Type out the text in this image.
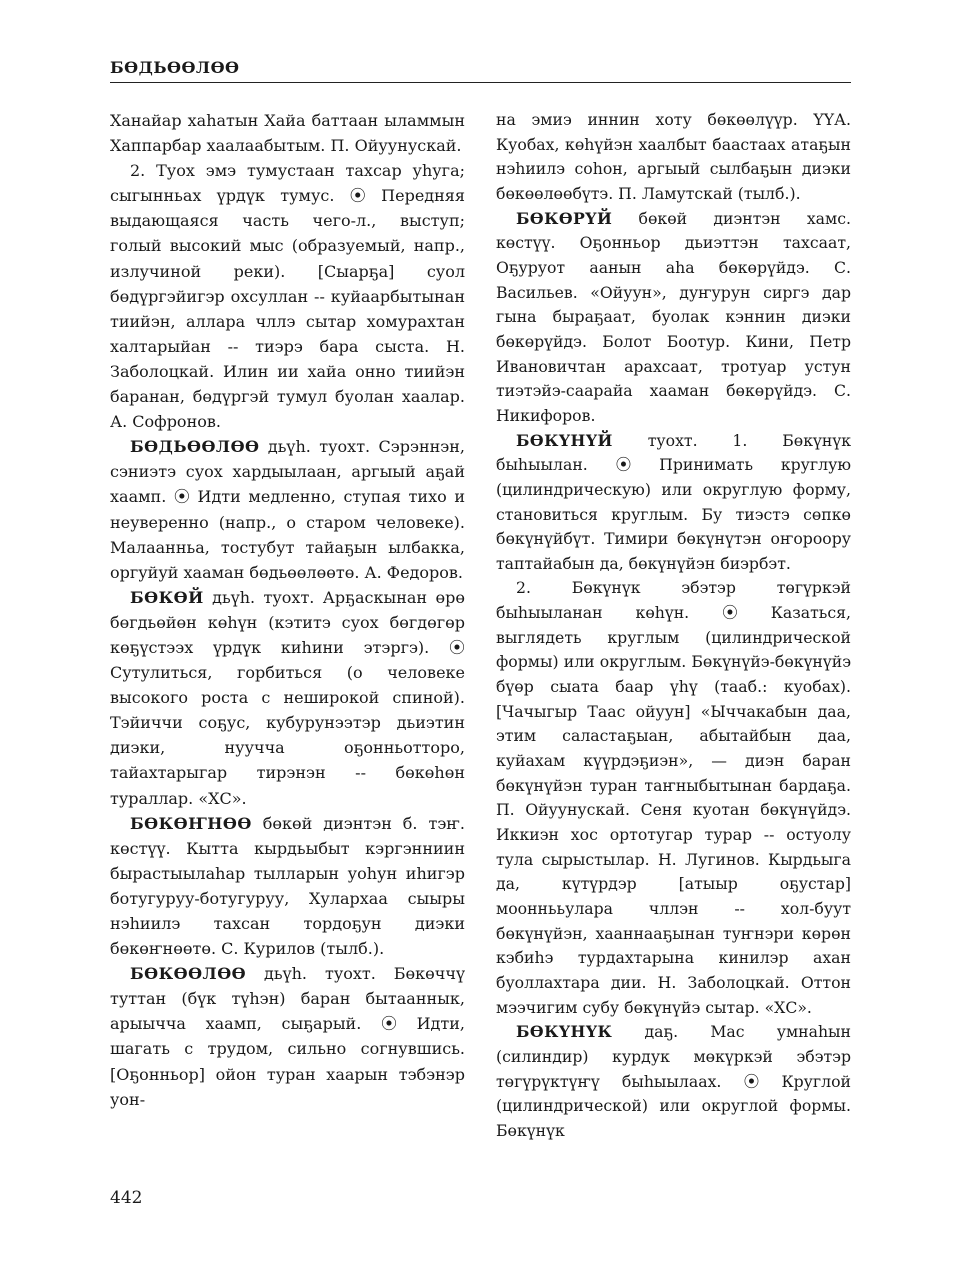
БӨДЬӨӨЛӨӨ

Ханайар хаһатын Хайа баттаан ыламмын Хаппарбар хаалаабытым. П. Ойуунускай.

2. Туох эмэ тумустаан тахсар уһуга; сыгынньах үрдүк тумус. ⦿ Передняя выдающаяся часть чего-л., выступ; голый высокий мыс (образуемый, напр., излучиной реки). [Сыарҕа] суол бөдүргэйигэр охсуллан -- куйаарбытынан тиийэн, аллара чллэ сытар хомурахтан халтарыйан -- тиэрэ бара сыста. Н. Заболоцкай. Илин ии хайа онно тиийэн баранан, бөдүргэй тумул буолан хаалар. А. Софронов.

БӨДЬӨӨЛӨӨ дьүһ. туохт. Сэрэннэн, сэниэтэ суох хардыылаан, аргыый аҕай хаамп. ⦿ Идти медленно, ступая тихо и неуверенно (напр., о старом человеке). Малаанньа, тостубут тайаҕын ылбакка, оргуйуй хааман бөдьөөлөөтө. А. Федоров.

БӨКӨЙ дьүһ. туохт. Арҕаскынан өрө бөгдьөйөн көһүн (кэтитэ суох бөгдөгөр көҕүстээх үрдүк киһини этэргэ). ⦿ Сутулиться, горбиться (о человеке высокого роста с неширокой спиной). Тэйиччи соҕус, кубурунээтэр дьиэтин диэки, нуучча оҕонньоттоpo, тайахтарыгар тирэнэн -- бөкөһөн тураллар. «ХС».

БӨКӨҤНӨӨ бөкөй диэнтэн б. тэҥ. көстүү. Кытта кырдьыбыт кэргэнниин бырастыылаһар тылларын уоһун иһигэр ботугуруу-ботугуруу, Хулархаа сыыры нэһиилэ тахсан тордоҕун диэки бөкөҥнөөтө. С. Курилов (тылб.).

БӨКӨӨЛӨӨ дьүһ. туохт. Бөкөччү туттан (бүк түһэн) баран бытааннык, арыычча хаамп, сыҕарый. ⦿ Идти, шагать с трудом, сильно согнувшись. [Оҕонньор] ойон туран хаарын тэбэнэр уон-

на эмиэ иннин хоту бөкөөлүүр. ҮҮА. Куобах, көһүйэн хаалбыт баастаах атаҕын нэһиилэ соһон, аргыый сылбаҕын диэки бөкөөлөөбүтэ. П. Ламутскай (тылб.).

БӨКӨРҮЙ бөкөй диэнтэн хамс. көстүү. Оҕонньор дьиэттэн тахсаат, Оҕуруот аанын аһа бөкөрүйдэ. С. Васильев. «Ойуун», дуҥурун сиргэ дар гына быраҕаат, буолак кэннин диэки бөкөрүйдэ. Болот Боотур. Кини, Петр Ивановичтан арахсаат, тротуар устун тиэтэйэ-саарайа хааман бөкөрүйдэ. С. Никифоров.

БӨКҮНҮЙ туохт. 1. Бөкүнүк быһыылан. ⦿ Принимать круглую (цилиндрическую) или округлую форму, становиться круглым. Бу тиэстэ сөпкө бөкүнүйбүт. Тимири бөкүнүтэн оҥороору таптайабын да, бөкүнүйэн биэрбэт.

2. Бөкүнүк эбэтэр төгүркэй быһыыланан көһүн. ⦿ Казаться, выглядеть круглым (цилиндрической формы) или округлым. Бөкүнүйэ-бөкүнүйэ бүөр сыата баар үһү (тааб.: куобах). [Чачыгыр Таас ойуун] «Ыччакабын даа, этим саластаҕыан, абытайбын даа, куйахам күүрдэҕиэн», — диэн баран бөкүнүйэн туран таҥныбытынан бардаҕа. П. Ойуунускай. Сеня куотан бөкүнүйдэ. Иккиэн хос ортотугар турар -- остуолу тула сырыстылар. Н. Лугинов. Кырдьыга да, күтүрдэр [атыыр оҕустар] мооннььулара чллэн -- хол-буут бөкүнүйэн, хааннааҕынан туҥнэри көрөн кэбиһэ турдахтарына кинилэр ахан буоллахтара дии. Н. Заболоцкай. Оттон мээчигим субу бөкүнүйэ сытар. «ХС».

БӨКҮНҮК даҕ. Мас умнаһын (силиндир) курдук мөкүркэй эбэтэр төгүрүктүҥү быһыылаах. ⦿ Круглой (цилиндрической) или округлой формы. Бөкүнүк

442
